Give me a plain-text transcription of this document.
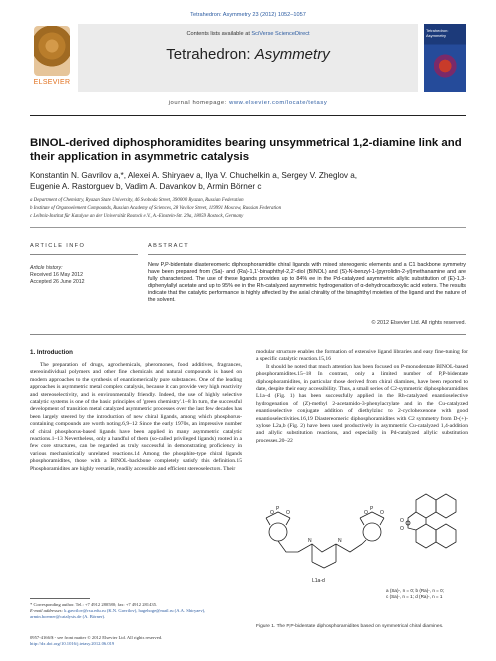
Tetrahedron: Asymmetry 23 (2012) 1052–1057
ELSEVIER
Contents lists available at SciVerse ScienceDirect
Tetrahedron: Asymmetry
journal homepage: www.elsevier.com/locate/tetasy
Tetrahedron: Asymmetry
BINOL-derived diphosphoramidites bearing unsymmetrical 1,2-diamine link and their application in asymmetric catalysis
Konstantin N. Gavrilov a,*, Alexei A. Shiryaev a, Ilya V. Chuchelkin a, Sergey V. Zheglov a,
Eugenie A. Rastorguev b, Vadim A. Davankov b, Armin Börner c
a Department of Chemistry, Ryazan State University, 46 Svoboda Street, 390000 Ryazan, Russian Federation
b Institute of Organoelement Compounds, Russian Academy of Sciences, 28 Vavilov Street, 119991 Moscow, Russian Federation
c Leibniz-Institut für Katalyse an der Universität Rostock e.V., A.-Einstein-Str. 29a, 18059 Rostock, Germany
ARTICLE INFO
Article history:
Received 16 May 2012
Accepted 26 June 2012
ABSTRACT
New P,P-bidentate diastereomeric diphosphoramidite chiral ligands with mixed stereogenic elements and a C1 backbone symmetry have been prepared from (Sa)- and (Ra)-1,1′-binaphthyl-2,2′-diol (BINOL) and (S)-N-benzyl-1-(pyrrolidin-2-yl)methanamine and are fully characterized. The use of these ligands provides up to 84% ee in the Pd-catalyzed asymmetric allylic substitution of (E)-1,3-diphenylallyl acetate and up to 95% ee in the Rh-catalyzed asymmetric hydrogenation of α-dehydrocarboxylic acid esters. The results indicate that the catalytic performance is highly affected by the axial chirality of the binaphthyl moieties of the ligand and the nature of the solvent.
© 2012 Elsevier Ltd. All rights reserved.
1. Introduction

The preparation of drugs, agrochemicals, pheromones, food additives, fragrances, stereoindividual polymers and other fine chemicals and natural compounds is based on modern approaches to the synthesis of enantiomerically pure substances. One of the leading approaches is asymmetric metal complex catalysis, because it can provide very high reactivity and stereoselectivity, and is environmentally friendly. Indeed, the use of highly selective catalytic systems is one of the basic principles of 'green chemistry'.1–8 In turn, the successful development of transition metal catalyzed asymmetric processes over the last few decades has been largely steered by the introduction of new chiral ligands, among which phosphorus-containing compounds are worth noting.6,9–12 Since the early 1970s, an impressive number of chiral phosphorus-based ligands have been applied in many asymmetric catalytic reactions.1–13 Nevertheless, only a handful of them (so-called privileged ligands) rooted in a few core structures, can be regarded as truly successful in demonstrating proficiency in various mechanistically unrelated reactions.14 Among the phosphite-type chiral ligands phosphoramidites, those with a BINOL-backbone completely satisfy this definition.15 Phosphoramidites are highly versatile, readily accessible and efficient stereoselectors. Their

modular structure enables the formation of extensive ligand libraries and easy fine-tuning for a specific catalytic reaction.15,16

It should be noted that much attention has been focused on P-monodentate BINOL-based phosphoramidites.15–18 In contrast, only a limited number of P,P-bidentate diphosphoramidites, in particular those derived from chiral diamines, have been reported to date, despite their easy accessibility. Thus, a small series of C2-symmetric diphosphoramidites L1a–d (Fig. 1) has been successfully applied in the Rh-catalyzed enantioselective hydrogenation of (Z)-methyl 2-acetamido-3-phenylacrylate and in the Cu-catalyzed enantioselective conjugate addition of diethylzinc to 2-cyclohexenone with good enantioselectivities.16,19 Diastereomeric diphosphoramidites with C2 symmetry from D-(+)-xylose L2a,b (Fig. 2) have been used productively in asymmetric Cu-catalyzed 1,4-addition and allylic substitution reactions, and especially in Pd-catalyzed allylic substitution processes.20–22

O
P
O	O
P
O
N	N
O
O
L1a-d
a (Sa)-, n = 0; b (Ra)-, n = 0;
c (Sa)-, n = 1; d (Ra)-, n = 1
Figure 1. The P,P-bidentate diphosphoramidites based on symmetrical chiral diamines.
* Corresponding author. Tel.: +7 4912 280580; fax: +7 4912 281435.
E-mail addresses: k.gavrilov@rsu.edu.ru (K.N. Gavrilov), hagehoge@mail.ru (A.A. Shiryaev), armin.boerner@catalysis.de (A. Börner).
0957-4166/$ - see front matter © 2012 Elsevier Ltd. All rights reserved.
http://dx.doi.org/10.1016/j.tetasy.2012.06.019
